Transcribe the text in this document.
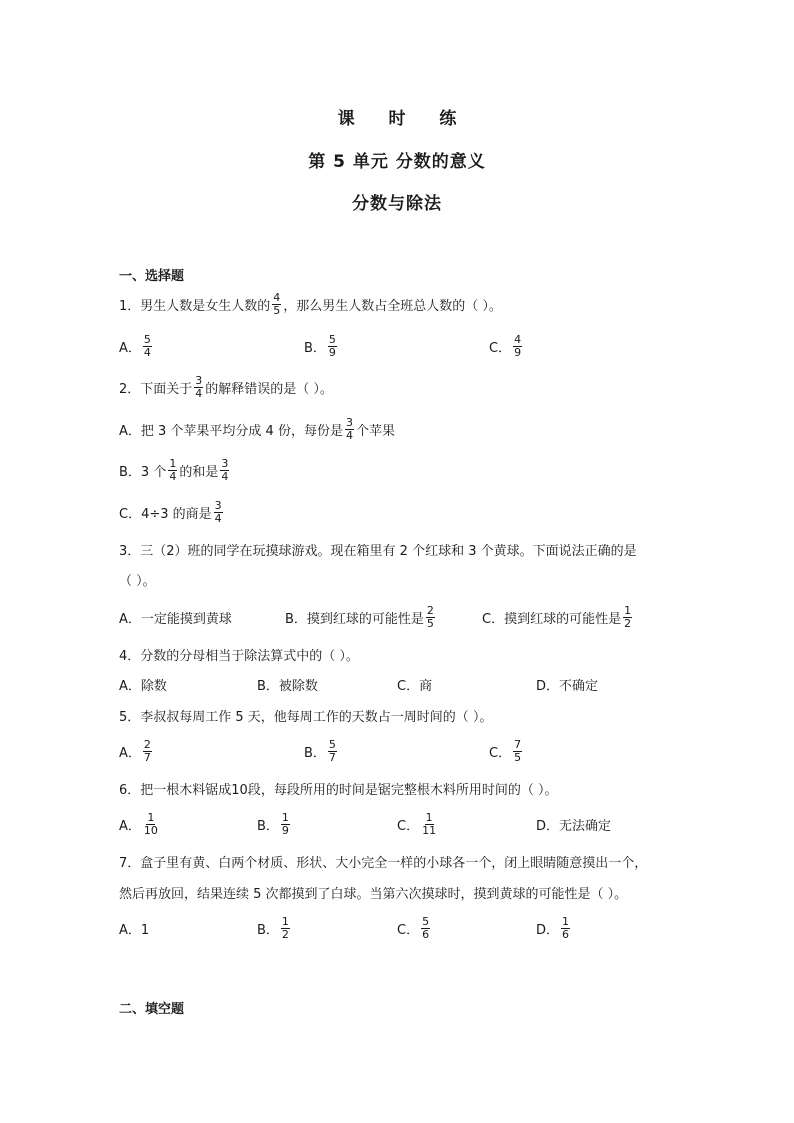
课 时 练
第 5 单元 分数的意义
分数与除法
一、选择题
1．男生人数是女生人数的 $\frac{4}{5}$ ，那么男生人数占全班总人数的（ ）。
A． $\frac{5}{4}$	B． $\frac{5}{9}$	C． $\frac{4}{9}$
2．下面关于 $\frac{3}{4}$ 的解释错误的是（ ）。
A．把 3 个苹果平均分成 4 份，每份是 $\frac{3}{4}$ 个苹果
B．3 个 $\frac{1}{4}$ 的和是 $\frac{3}{4}$
C．4÷3 的商是 $\frac{3}{4}$
3．三（2）班的同学在玩摸球游戏。现在箱里有 2 个红球和 3 个黄球。下面说法正确的是
（ ）。
A．一定能摸到黄球	B．摸到红球的可能性是 $\frac{2}{5}$	C．摸到红球的可能性是 $\frac{1}{2}$
4．分数的分母相当于除法算式中的（ ）。
A．除数	B．被除数	C．商	D．不确定
5．李叔叔每周工作 5 天，他每周工作的天数占一周时间的（ ）。
A． $\frac{2}{7}$	B． $\frac{5}{7}$	C． $\frac{7}{5}$
6．把一根木料锯成10段，每段所用的时间是锯完整根木料所用时间的（ ）。
A． $\frac{1}{10}$	B． $\frac{1}{9}$	C． $\frac{1}{11}$	D．无法确定
7．盒子里有黄、白两个材质、形状、大小完全一样的小球各一个，闭上眼睛随意摸出一个，
然后再放回，结果连续 5 次都摸到了白球。当第六次摸球时，摸到黄球的可能性是（ ）。
A．1	B． $\frac{1}{2}$	C． $\frac{5}{6}$	D． $\frac{1}{6}$
二、填空题
